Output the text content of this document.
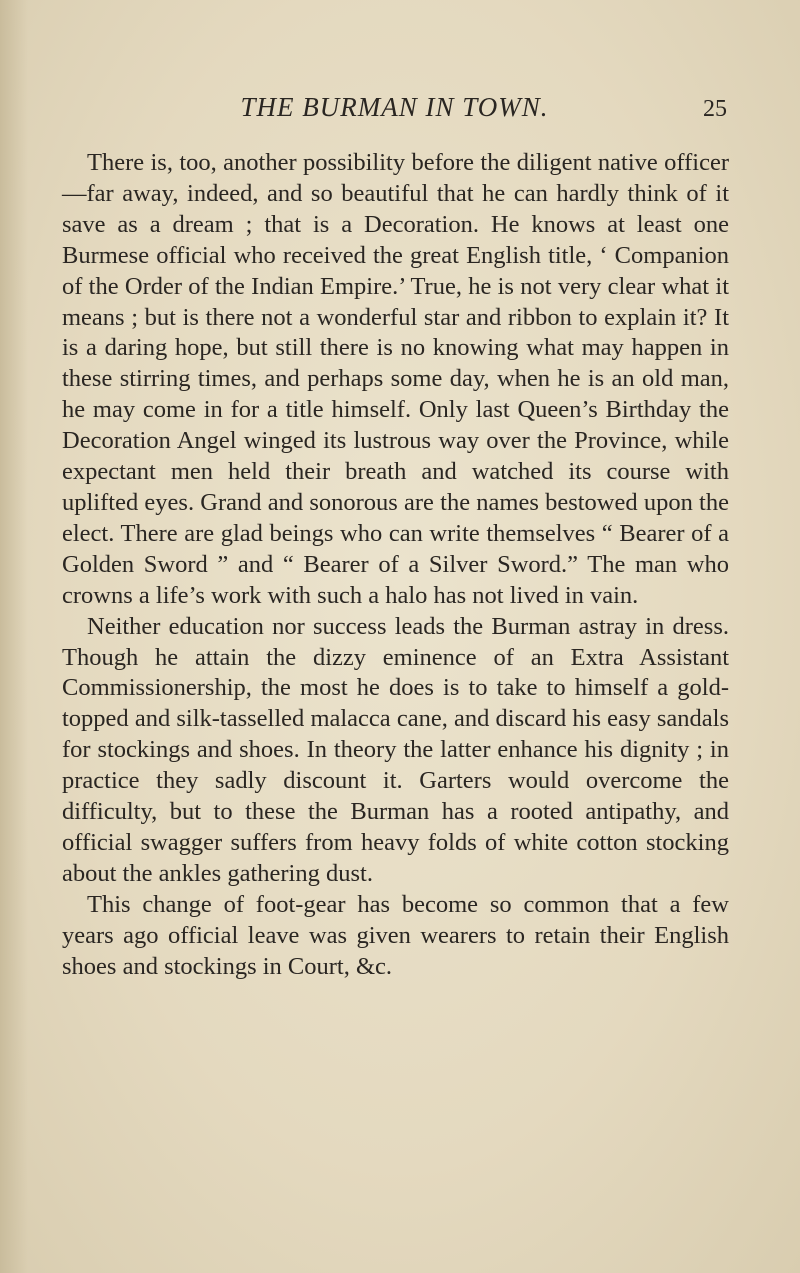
THE BURMAN IN TOWN.	25

There is, too, another possibility before the diligent native officer—far away, indeed, and so beautiful that he can hardly think of it save as a dream ; that is a Decoration. He knows at least one Burmese official who received the great English title, ‘ Companion of the Order of the Indian Empire.’ True, he is not very clear what it means ; but is there not a wonderful star and ribbon to explain it? It is a daring hope, but still there is no knowing what may happen in these stirring times, and perhaps some day, when he is an old man, he may come in for a title himself. Only last Queen’s Birthday the Decoration Angel winged its lustrous way over the Province, while expectant men held their breath and watched its course with uplifted eyes. Grand and sonorous are the names bestowed upon the elect. There are glad beings who can write themselves “ Bearer of a Golden Sword ” and “ Bearer of a Silver Sword.” The man who crowns a life’s work with such a halo has not lived in vain.

Neither education nor success leads the Burman astray in dress. Though he attain the dizzy eminence of an Extra Assistant Commissionership, the most he does is to take to himself a gold-topped and silk-tasselled malacca cane, and discard his easy sandals for stockings and shoes. In theory the latter enhance his dignity ; in practice they sadly discount it. Garters would overcome the difficulty, but to these the Burman has a rooted antipathy, and official swagger suffers from heavy folds of white cotton stocking about the ankles gathering dust.

This change of foot-gear has become so common that a few years ago official leave was given wearers to retain their English shoes and stockings in Court, &c.
